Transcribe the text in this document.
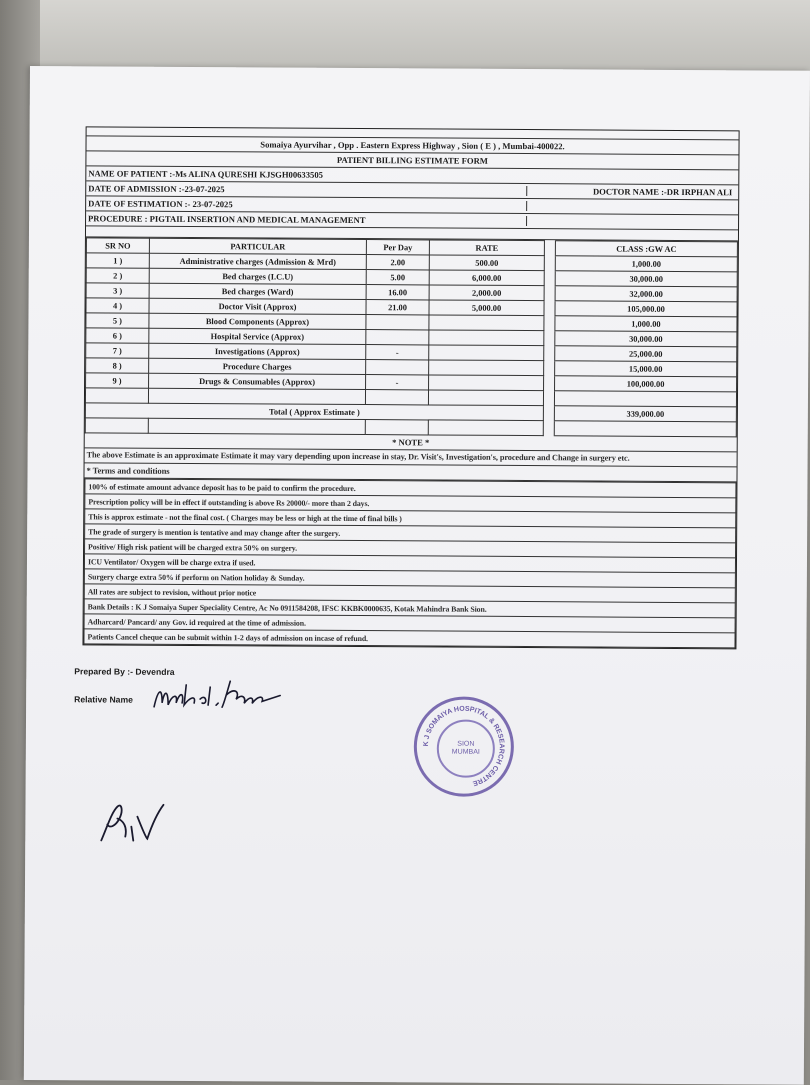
Somaiya Ayurvihar , Opp . Eastern Express Highway , Sion ( E ) , Mumbai-400022.
PATIENT BILLING ESTIMATE FORM
NAME OF PATIENT :-Ms ALINA QURESHI KJSGH00633505
DATE OF ADMISSION :-23-07-2025	DOCTOR NAME :-DR IRPHAN ALI
DATE OF ESTIMATION :- 23-07-2025
PROCEDURE : PIGTAIL INSERTION AND MEDICAL MANAGEMENT
SR NO	PARTICULAR	Per Day	RATE		CLASS :GW AC
1 )	Administrative charges (Admission & Mrd)	2.00	500.00		1,000.00
2 )	Bed charges (I.C.U)	5.00	6,000.00		30,000.00
3 )	Bed charges (Ward)	16.00	2,000.00		32,000.00
4 )	Doctor Visit (Approx)	21.00	5,000.00		105,000.00
5 )	Blood Components (Approx)				1,000.00
6 )	Hospital Service (Approx)				30,000.00
7 )	Investigations (Approx)	-			25,000.00
8 )	Procedure Charges				15,000.00
9 )	Drugs & Consumables (Approx)	-			100,000.00

Total ( Approx Estimate )					339,000.00

* NOTE *
The above Estimate is an approximate Estimate it may vary depending upon increase in stay, Dr. Visit's, Investigation's, procedure and Change in surgery etc.
* Terms and conditions
100% of estimate amount advance deposit has to be paid to confirm the procedure.
Prescription policy will be in effect if outstanding is above Rs 20000/- more than 2 days.
This is approx estimate - not the final cost. ( Charges may be less or high at the time of final bills )
The grade of surgery is mention is tentative and may change after the surgery.
Positive/ High risk patient will be charged extra 50% on surgery.
ICU Ventilator/ Oxygen will be charge extra if used.
Surgery charge extra 50% if perform on Nation holiday & Sunday.
All rates are subject to revision, without prior notice
Bank Details : K J Somaiya Super Speciality Centre, Ac No 0911584208, IFSC KKBK0000635, Kotak Mahindra Bank Sion.
Adharcard/ Pancard/ any Gov. id required at the time of admission.
Patients Cancel cheque can be submit within 1-2 days of admission on incase of refund.
Prepared By :- Devendra
Relative Name
K J SOMAIYA HOSPITAL & RESEARCH CENTRE
SION
MUMBAI
